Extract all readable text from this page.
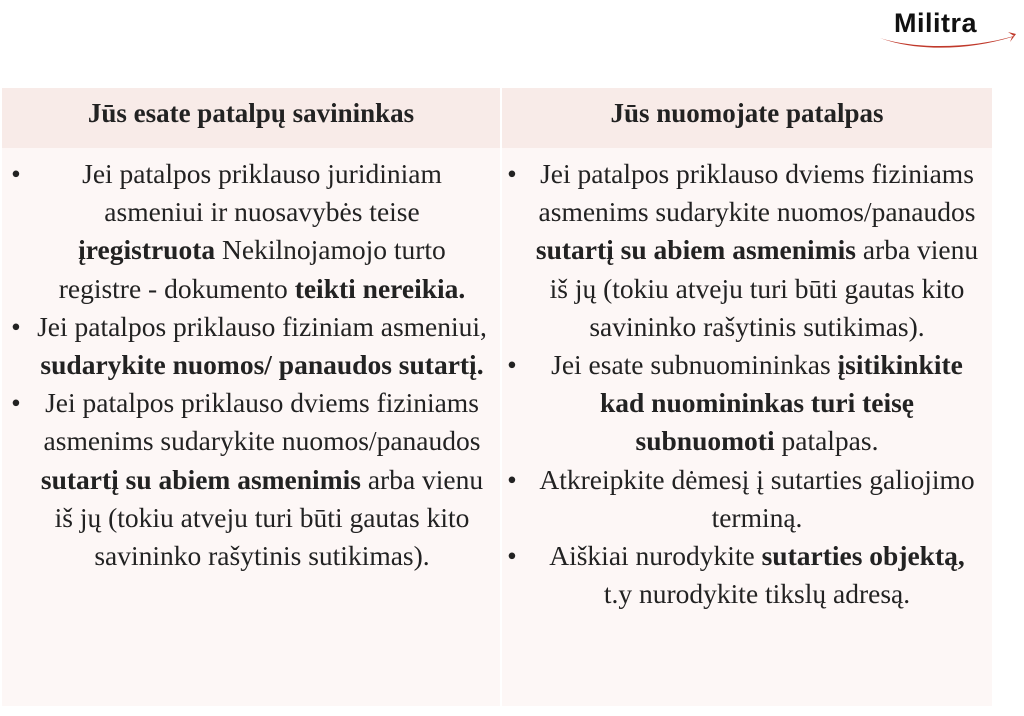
Militra
Jūs esate patalpų savininkas	Jūs nuomojate patalpas
• Jei patalpos priklauso juridiniam asmeniui ir nuosavybės teise įregistruota Nekilnojamojo turto registre - dokumento teikti nereikia.
• Jei patalpos priklauso fiziniam asmeniui, sudarykite nuomos/ panaudos sutartį.
• Jei patalpos priklauso dviems fiziniams asmenims sudarykite nuomos/panaudos sutartį su abiem asmenimis arba vienu iš jų (tokiu atveju turi būti gautas kito savininko rašytinis sutikimas).
• Jei patalpos priklauso dviems fiziniams asmenims sudarykite nuomos/panaudos sutartį su abiem asmenimis arba vienu iš jų (tokiu atveju turi būti gautas kito savininko rašytinis sutikimas).
• Jei esate subnuomininkas įsitikinkite kad nuomininkas turi teisę subnuomoti patalpas.
• Atkreipkite dėmesį į sutarties galiojimo terminą.
• Aiškiai nurodykite sutarties objektą, t.y nurodykite tikslų adresą.
